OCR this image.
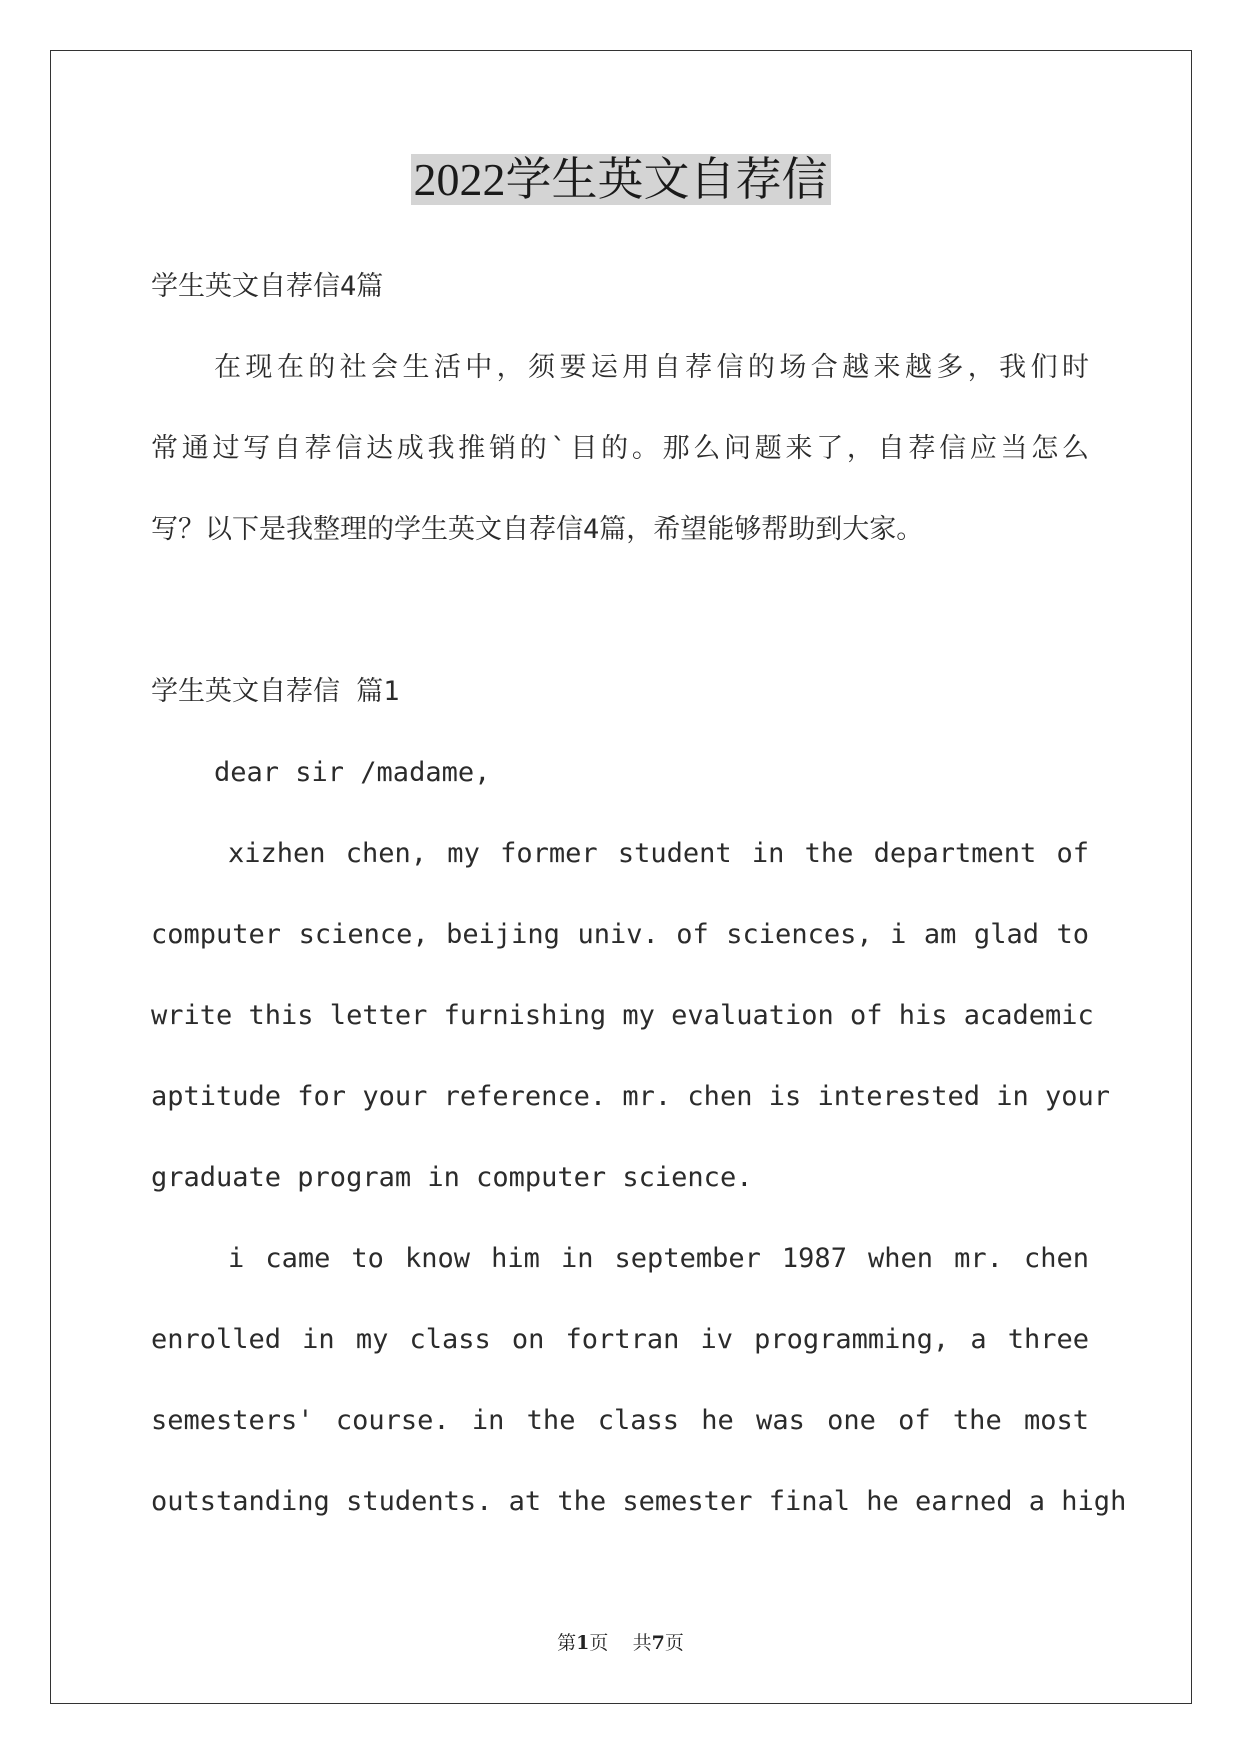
2022学生英文自荐信

学生英文自荐信4篇

在现在的社会生活中，须要运用自荐信的场合越来越多，我们时

常通过写自荐信达成我推销的`目的。那么问题来了，自荐信应当怎么

写？以下是我整理的学生英文自荐信4篇，希望能够帮助到大家。

学生英文自荐信 篇1

dear sir /madame,

xizhen chen, my former student in the department of

computer science, beijing univ. of sciences, i am glad to

write this letter furnishing my evaluation of his academic

aptitude for your reference. mr. chen is interested in your

graduate program in computer science.

i came to know him in september 1987 when mr. chen

enrolled in my class on fortran iv programming, a three

semesters' course. in the class he was one of the most

outstanding students. at the semester final he earned a high

第1页 共7页
